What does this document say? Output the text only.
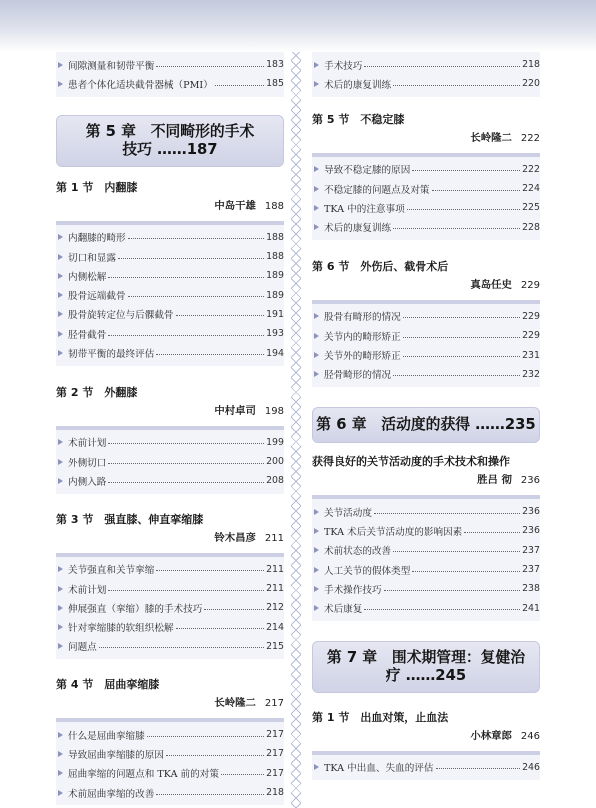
间隙测量和韧带平衡	183
患者个体化适块截骨器械（PMI）	185
第 5 章　不同畸形的手术
技巧 ……187
第 1 节　内翻膝
中岛干雄 188
内翻膝的畸形	188
切口和显露	188
内侧松解	189
股骨远端截骨	189
股骨旋转定位与后髁截骨	191
胫骨截骨	193
韧带平衡的最终评估	194
第 2 节　外翻膝
中村卓司 198
术前计划	199
外侧切口	200
内侧入路	208
第 3 节　强直膝、伸直挛缩膝
铃木昌彦 211
关节强直和关节挛缩	211
术前计划	211
伸展强直（挛缩）膝的手术技巧	212
针对挛缩膝的软组织松解	214
问题点	215
第 4 节　屈曲挛缩膝
长岭隆二 217
什么是屈曲挛缩膝	217
导致屈曲挛缩膝的原因	217
屈曲挛缩的问题点和 TKA 前的对策	217
术前屈曲挛缩的改善	218
手术技巧	218
术后的康复训练	220
第 5 节　不稳定膝
长岭隆二 222
导致不稳定膝的原因	222
不稳定膝的问题点及对策	224
TKA 中的注意事项	225
术后的康复训练	228
第 6 节　外伤后、截骨术后
真岛任史 229
股骨有畸形的情况	229
关节内的畸形矫正	229
关节外的畸形矫正	231
胫骨畸形的情况	232
第 6 章　活动度的获得 ……235
获得良好的关节活动度的手术技术和操作
胜吕 彻 236
关节活动度	236
TKA 术后关节活动度的影响因素	236
术前状态的改善	237
人工关节的假体类型	237
手术操作技巧	238
术后康复	241
第 7 章　围术期管理：复健治
疗 ……245
第 1 节　出血对策，止血法
小林章郎 246
TKA 中出血、失血的评估	246
